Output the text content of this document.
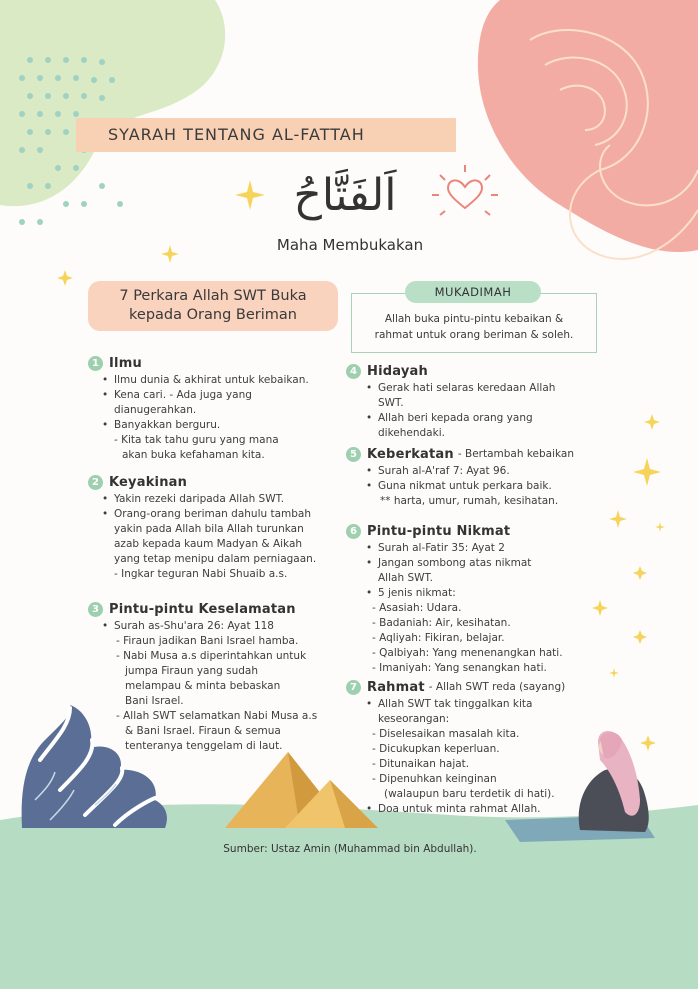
SYARAH TENTANG AL-FATTAH
اَلفَتَّاحُ
Maha Membukakan
7 Perkara Allah SWT Buka
kepada Orang Beriman
MUKADIMAH
Allah buka pintu-pintu kebaikan &
rahmat untuk orang beriman & soleh.
1 Ilmu
• Ilmu dunia & akhirat untuk kebaikan.
• Kena cari. - Ada juga yang
dianugerahkan.
• Banyakkan berguru.
- Kita tak tahu guru yang mana
akan buka kefahaman kita.
2 Keyakinan
• Yakin rezeki daripada Allah SWT.
• Orang-orang beriman dahulu tambah
yakin pada Allah bila Allah turunkan
azab kepada kaum Madyan & Aikah
yang tetap menipu dalam perniagaan.
- Ingkar teguran Nabi Shuaib a.s.
3 Pintu-pintu Keselamatan
• Surah as-Shu'ara 26: Ayat 118
- Firaun jadikan Bani Israel hamba.
- Nabi Musa a.s diperintahkan untuk
jumpa Firaun yang sudah
melampau & minta bebaskan
Bani Israel.
- Allah SWT selamatkan Nabi Musa a.s
& Bani Israel. Firaun & semua
tenteranya tenggelam di laut.
4 Hidayah
• Gerak hati selaras keredaan Allah
SWT.
• Allah beri kepada orang yang
dikehendaki.
5 Keberkatan - Bertambah kebaikan
• Surah al-A'raf 7: Ayat 96.
• Guna nikmat untuk perkara baik.
** harta, umur, rumah, kesihatan.
6 Pintu-pintu Nikmat
• Surah al-Fatir 35: Ayat 2
• Jangan sombong atas nikmat
Allah SWT.
• 5 jenis nikmat:
- Asasiah: Udara.
- Badaniah: Air, kesihatan.
- Aqliyah: Fikiran, belajar.
- Qalbiyah: Yang menenangkan hati.
- Imaniyah: Yang senangkan hati.
7 Rahmat - Allah SWT reda (sayang)
• Allah SWT tak tinggalkan kita
keseorangan:
- Diselesaikan masalah kita.
- Dicukupkan keperluan.
- Ditunaikan hajat.
- Dipenuhkan keinginan
(walaupun baru terdetik di hati).
• Doa untuk minta rahmat Allah.
Sumber: Ustaz Amin (Muhammad bin Abdullah).
